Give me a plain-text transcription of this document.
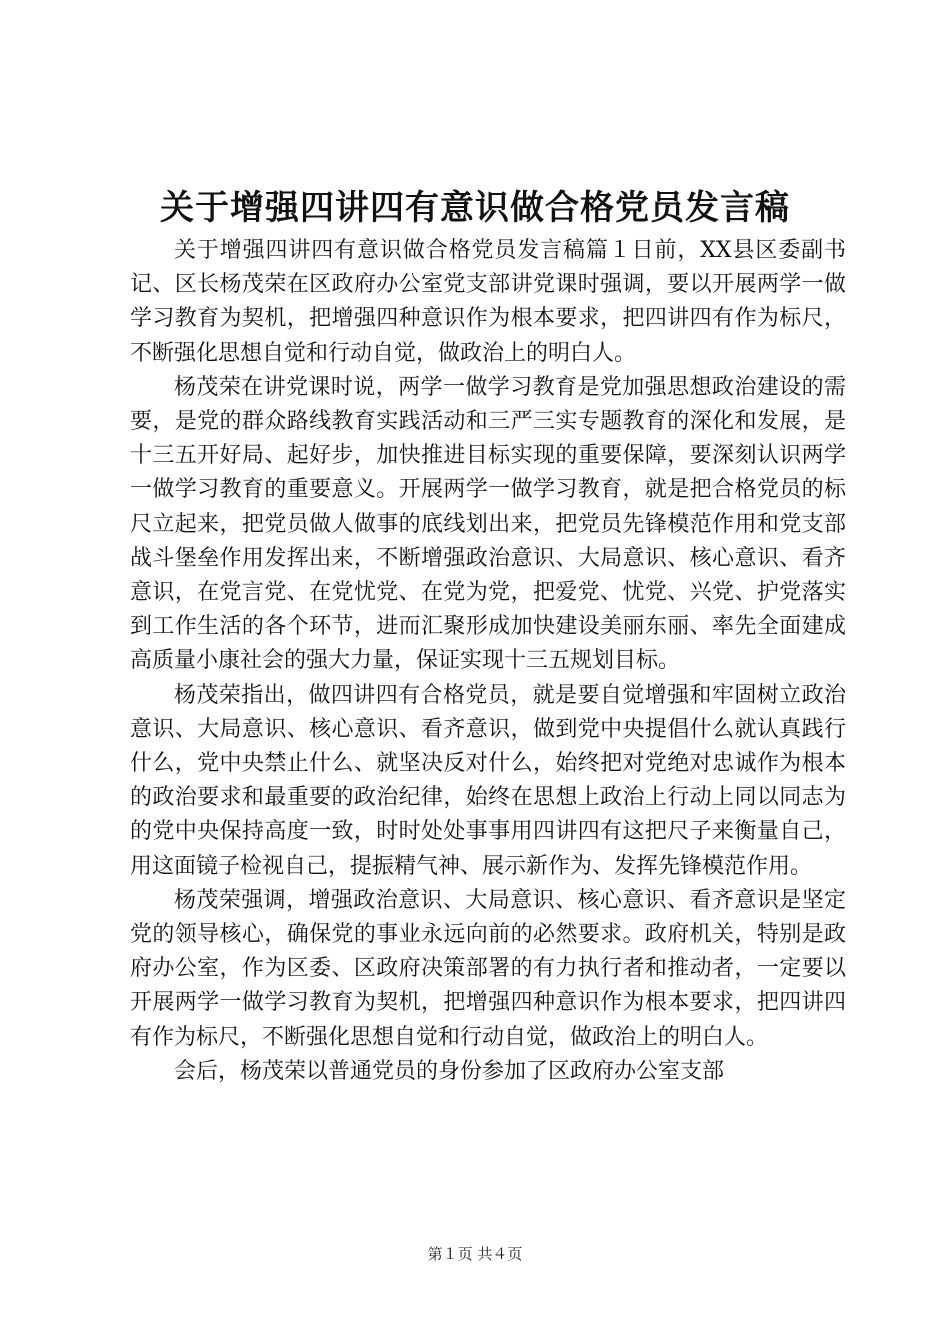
关于增强四讲四有意识做合格党员发言稿

关于增强四讲四有意识做合格党员发言稿篇１日前，XX县区委副书记、区长杨茂荣在区政府办公室党支部讲党课时强调，要以开展两学一做学习教育为契机，把增强四种意识作为根本要求，把四讲四有作为标尺，不断强化思想自觉和行动自觉，做政治上的明白人。

杨茂荣在讲党课时说，两学一做学习教育是党加强思想政治建设的需要，是党的群众路线教育实践活动和三严三实专题教育的深化和发展，是十三五开好局、起好步，加快推进目标实现的重要保障，要深刻认识两学一做学习教育的重要意义。开展两学一做学习教育，就是把合格党员的标尺立起来，把党员做人做事的底线划出来，把党员先锋模范作用和党支部战斗堡垒作用发挥出来，不断增强政治意识、大局意识、核心意识、看齐意识，在党言党、在党忧党、在党为党，把爱党、忧党、兴党、护党落实到工作生活的各个环节，进而汇聚形成加快建设美丽东丽、率先全面建成高质量小康社会的强大力量，保证实现十三五规划目标。

杨茂荣指出，做四讲四有合格党员，就是要自觉增强和牢固树立政治意识、大局意识、核心意识、看齐意识，做到党中央提倡什么就认真践行什么，党中央禁止什么、就坚决反对什么，始终把对党绝对忠诚作为根本的政治要求和最重要的政治纪律，始终在思想上政治上行动上同以同志为的党中央保持高度一致，时时处处事事用四讲四有这把尺子来衡量自己，用这面镜子检视自己，提振精气神、展示新作为、发挥先锋模范作用。

杨茂荣强调，增强政治意识、大局意识、核心意识、看齐意识是坚定党的领导核心，确保党的事业永远向前的必然要求。政府机关，特别是政府办公室，作为区委、区政府决策部署的有力执行者和推动者，一定要以开展两学一做学习教育为契机，把增强四种意识作为根本要求，把四讲四有作为标尺，不断强化思想自觉和行动自觉，做政治上的明白人。

会后，杨茂荣以普通党员的身份参加了区政府办公室支部

第１页 共４页
